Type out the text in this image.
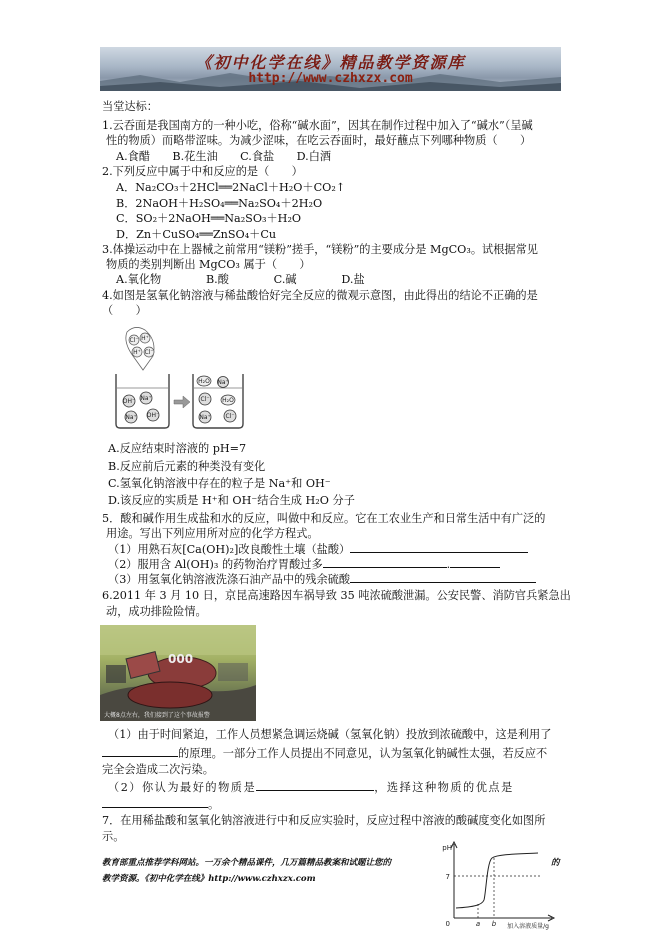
《初中化学在线》精品教学资源库
http://www.czhxzx.com
当堂达标：
1.云吞面是我国南方的一种小吃，俗称“碱水面”，因其在制作过程中加入了“碱水”（呈碱
性的物质）而略带涩味。为减少涩味，在吃云吞面时，最好蘸点下列哪种物质（　　）
A.食醋　　B.花生油　　C.食盐　　D.白酒
2.下列反应中属于中和反应的是（　　）
A．Na₂CO₃＋2HCl══2NaCl＋H₂O＋CO₂↑
B．2NaOH＋H₂SO₄══Na₂SO₄＋2H₂O
C．SO₂＋2NaOH══Na₂SO₃＋H₂O
D．Zn＋CuSO₄══ZnSO₄＋Cu
3.体操运动中在上器械之前常用“镁粉”搓手，“镁粉”的主要成分是 MgCO₃。试根据常见
物质的类别判断出 MgCO₃ 属于（　　）
A.氧化物　　　　B.酸　　　　C.碱　　　　D.盐
4.如图是氢氧化钠溶液与稀盐酸恰好完全反应的微观示意图，由此得出的结论不正确的是
（　　）
Cl⁻ H⁺
H⁺ Cl⁻
OH⁻ Na⁺
Na⁺ OH⁻
H₂O Na⁺
Cl⁻
Na⁺ Cl⁻
H₂O
A.反应结束时溶液的 pH=7
B.反应前后元素的种类没有变化
C.氢氧化钠溶液中存在的粒子是 Na⁺和 OH⁻
D.该反应的实质是 H⁺和 OH⁻结合生成 H₂O 分子
5．酸和碱作用生成盐和水的反应，叫做中和反应。它在工农业生产和日常生活中有广泛的
用途。写出下列应用所对应的化学方程式。
（1）用熟石灰[Ca(OH)₂]改良酸性土壤（盐酸）
（2）服用含 Al(OH)₃ 的药物治疗胃酸过多	.
（3）用氢氧化钠溶液洗涤石油产品中的残余硫酸
6.2011 年 3 月 10 日，京昆高速路因车祸导致 35 吨浓硫酸泄漏。公安民警、消防官兵紧急出
动，成功排险险情。
000
大概8点左右，我们接到了这个事故报警
（1）由于时间紧迫，工作人员想紧急调运烧碱（氢氧化钠）投放到浓硫酸中，这是利用了
的原理。一部分工作人员提出不同意见，认为氢氧化钠碱性太强，若反应不
完全会造成二次污染。
（2）你认为最好的物质是	，选择这种物质的优点是
。
7．在用稀盐酸和氢氧化钠溶液进行中和反应实验时，反应过程中溶液的酸碱度变化如图所
示。
教育部重点推荐学科网站。一万余个精品课件，几万篇精品教案和试题让您的	的
教学资源。《初中化学在线》http://www.czhxzx.com
pH
7
0	a b 加入溶液质量/g
